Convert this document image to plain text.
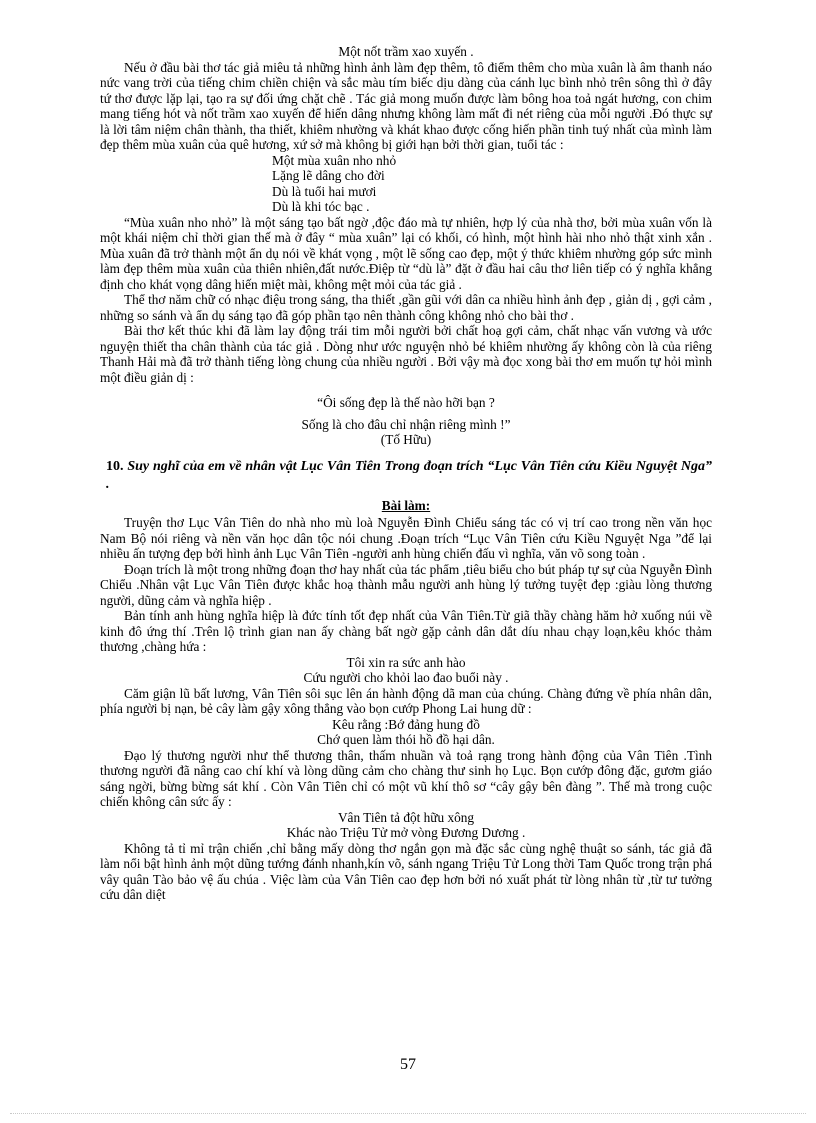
Một nốt trầm xao xuyến .

Nếu ở đầu bài thơ tác giả miêu tả những hình ảnh làm đẹp thêm, tô điểm thêm cho mùa xuân là âm thanh náo nức vang trời của tiếng chim chiền chiện và sắc màu tím biếc dịu dàng của cánh lục bình nhỏ trên sông thì ở đây tứ thơ được lặp lại, tạo ra sự đối ứng chặt chẽ . Tác giả mong muốn được làm bông hoa toả ngát hương, con chim mang tiếng hót và nốt trầm xao xuyến để hiến dâng nhưng không làm mất đi nét riêng của mỗi người .Đó thực sự là lời tâm niệm chân thành, tha thiết, khiêm nhường và khát khao được cống hiến phần tinh tuý nhất của mình làm đẹp thêm mùa xuân của quê hương, xứ sở mà không bị giới hạn bởi thời gian, tuổi tác :

Một mùa xuân nho nhỏ
Lặng lẽ dâng cho đời
Dù là tuổi hai mươi
Dù là khi tóc bạc .

“Mùa xuân nho nhỏ” là một sáng tạo bất ngờ ,độc đáo mà tự nhiên, hợp lý của nhà thơ, bởi mùa xuân vốn là một khái niệm chỉ thời gian thế mà ở đây “ mùa xuân” lại có khối, có hình, một hình hài nho nhỏ thật xinh xắn . Mùa xuân đã trở thành một ẩn dụ nói về khát vọng , một lẽ sống cao đẹp, một ý thức khiêm nhường góp sức mình làm đẹp thêm mùa xuân của thiên nhiên,đất nước.Điệp từ “dù là” đặt ở đầu hai câu thơ liên tiếp có ý nghĩa khẳng định cho khát vọng dâng hiến miệt mài, không mệt mỏi của tác giả .

Thể thơ năm chữ có nhạc điệu trong sáng, tha thiết ,gần gũi với dân ca nhiều hình ảnh đẹp , giản dị , gợi cảm , những so sánh và ẩn dụ sáng tạo đã góp phần tạo nên thành công không nhỏ cho bài thơ .

Bài thơ kết thúc khi đã làm lay động trái tim mỗi người bởi chất hoạ gợi cảm, chất nhạc vấn vương và ước nguyện thiết tha chân thành của tác giả . Dòng như ước nguyện nhỏ bé khiêm nhường ấy không còn là của riêng Thanh Hải mà đã trở thành tiếng lòng chung của nhiều người . Bởi vậy mà đọc xong bài thơ em muốn tự hỏi mình một điều giản dị :

“Ôi sống đẹp là thế nào hỡi bạn ?
Sống là cho đâu chỉ nhận riêng mình !”
(Tố Hữu)

10. Suy nghĩ của em về nhân vật Lục Vân Tiên Trong đoạn trích “Lục Vân Tiên cứu Kiều Nguyệt Nga” .

Bài làm:

Truyện thơ Lục Vân Tiên do nhà nho mù loà Nguyễn Đình Chiểu sáng tác có vị trí cao trong nền văn học Nam Bộ nói riêng và nền văn học dân tộc nói chung .Đoạn trích “Lục Vân Tiên cứu Kiều Nguyệt Nga ”để lại nhiều ấn tượng đẹp bởi hình ảnh Lục Vân Tiên -người anh hùng chiến đấu vì nghĩa, văn võ song toàn .

Đoạn trích là một trong những đoạn thơ hay nhất của tác phẩm ,tiêu biểu cho bút pháp tự sự của Nguyễn Đình Chiểu .Nhân vật Lục Vân Tiên được khắc hoạ thành mẫu người anh hùng lý tưởng tuyệt đẹp :giàu lòng thương người, dũng cảm và nghĩa hiệp .

Bản tính anh hùng nghĩa hiệp là đức tính tốt đẹp nhất của Vân Tiên.Từ giã thầy chàng hăm hở xuống núi về kinh đô ứng thí .Trên lộ trình gian nan ấy chàng bất ngờ gặp cảnh dân dắt díu nhau chạy loạn,kêu khóc thảm thương ,chàng hứa :

Tôi xin ra sức anh hào
Cứu người cho khỏi lao đao buổi này .

Căm giận lũ bất lương, Vân Tiên sôi sục lên án hành động dã man của chúng. Chàng đứng về phía nhân dân, phía người bị nạn, bẻ cây làm gậy xông thẳng vào bọn cướp Phong Lai hung dữ :

Kêu rằng :Bớ đảng hung đồ
Chớ quen làm thói hồ đồ hại dân.

Đạo lý thương người như thể thương thân, thấm nhuần và toả rạng trong hành động của Vân Tiên .Tình thương người đã nâng cao chí khí và lòng dũng cảm cho chàng thư sinh họ Lục. Bọn cướp đông đặc, gươm giáo sáng ngời, bừng bừng sát khí . Còn Vân Tiên chỉ có một vũ khí thô sơ “cây gậy bên đàng ”. Thế mà trong cuộc chiến không cân sức ấy :

Vân Tiên tả đột hữu xông
Khác nào Triệu Tử mở vòng Đương Dương .

Không tả tỉ mỉ trận chiến ,chỉ bằng mấy dòng thơ ngắn gọn mà đặc sắc cùng nghệ thuật so sánh, tác giả đã làm nổi bật hình ảnh một dũng tướng đánh nhanh,kín võ, sánh ngang Triệu Tử Long thời Tam Quốc trong trận phá vây quân Tào bảo vệ ấu chúa . Việc làm của Vân Tiên cao đẹp hơn bởi nó xuất phát từ lòng nhân từ ,từ tư tưởng cứu dân diệt

57
